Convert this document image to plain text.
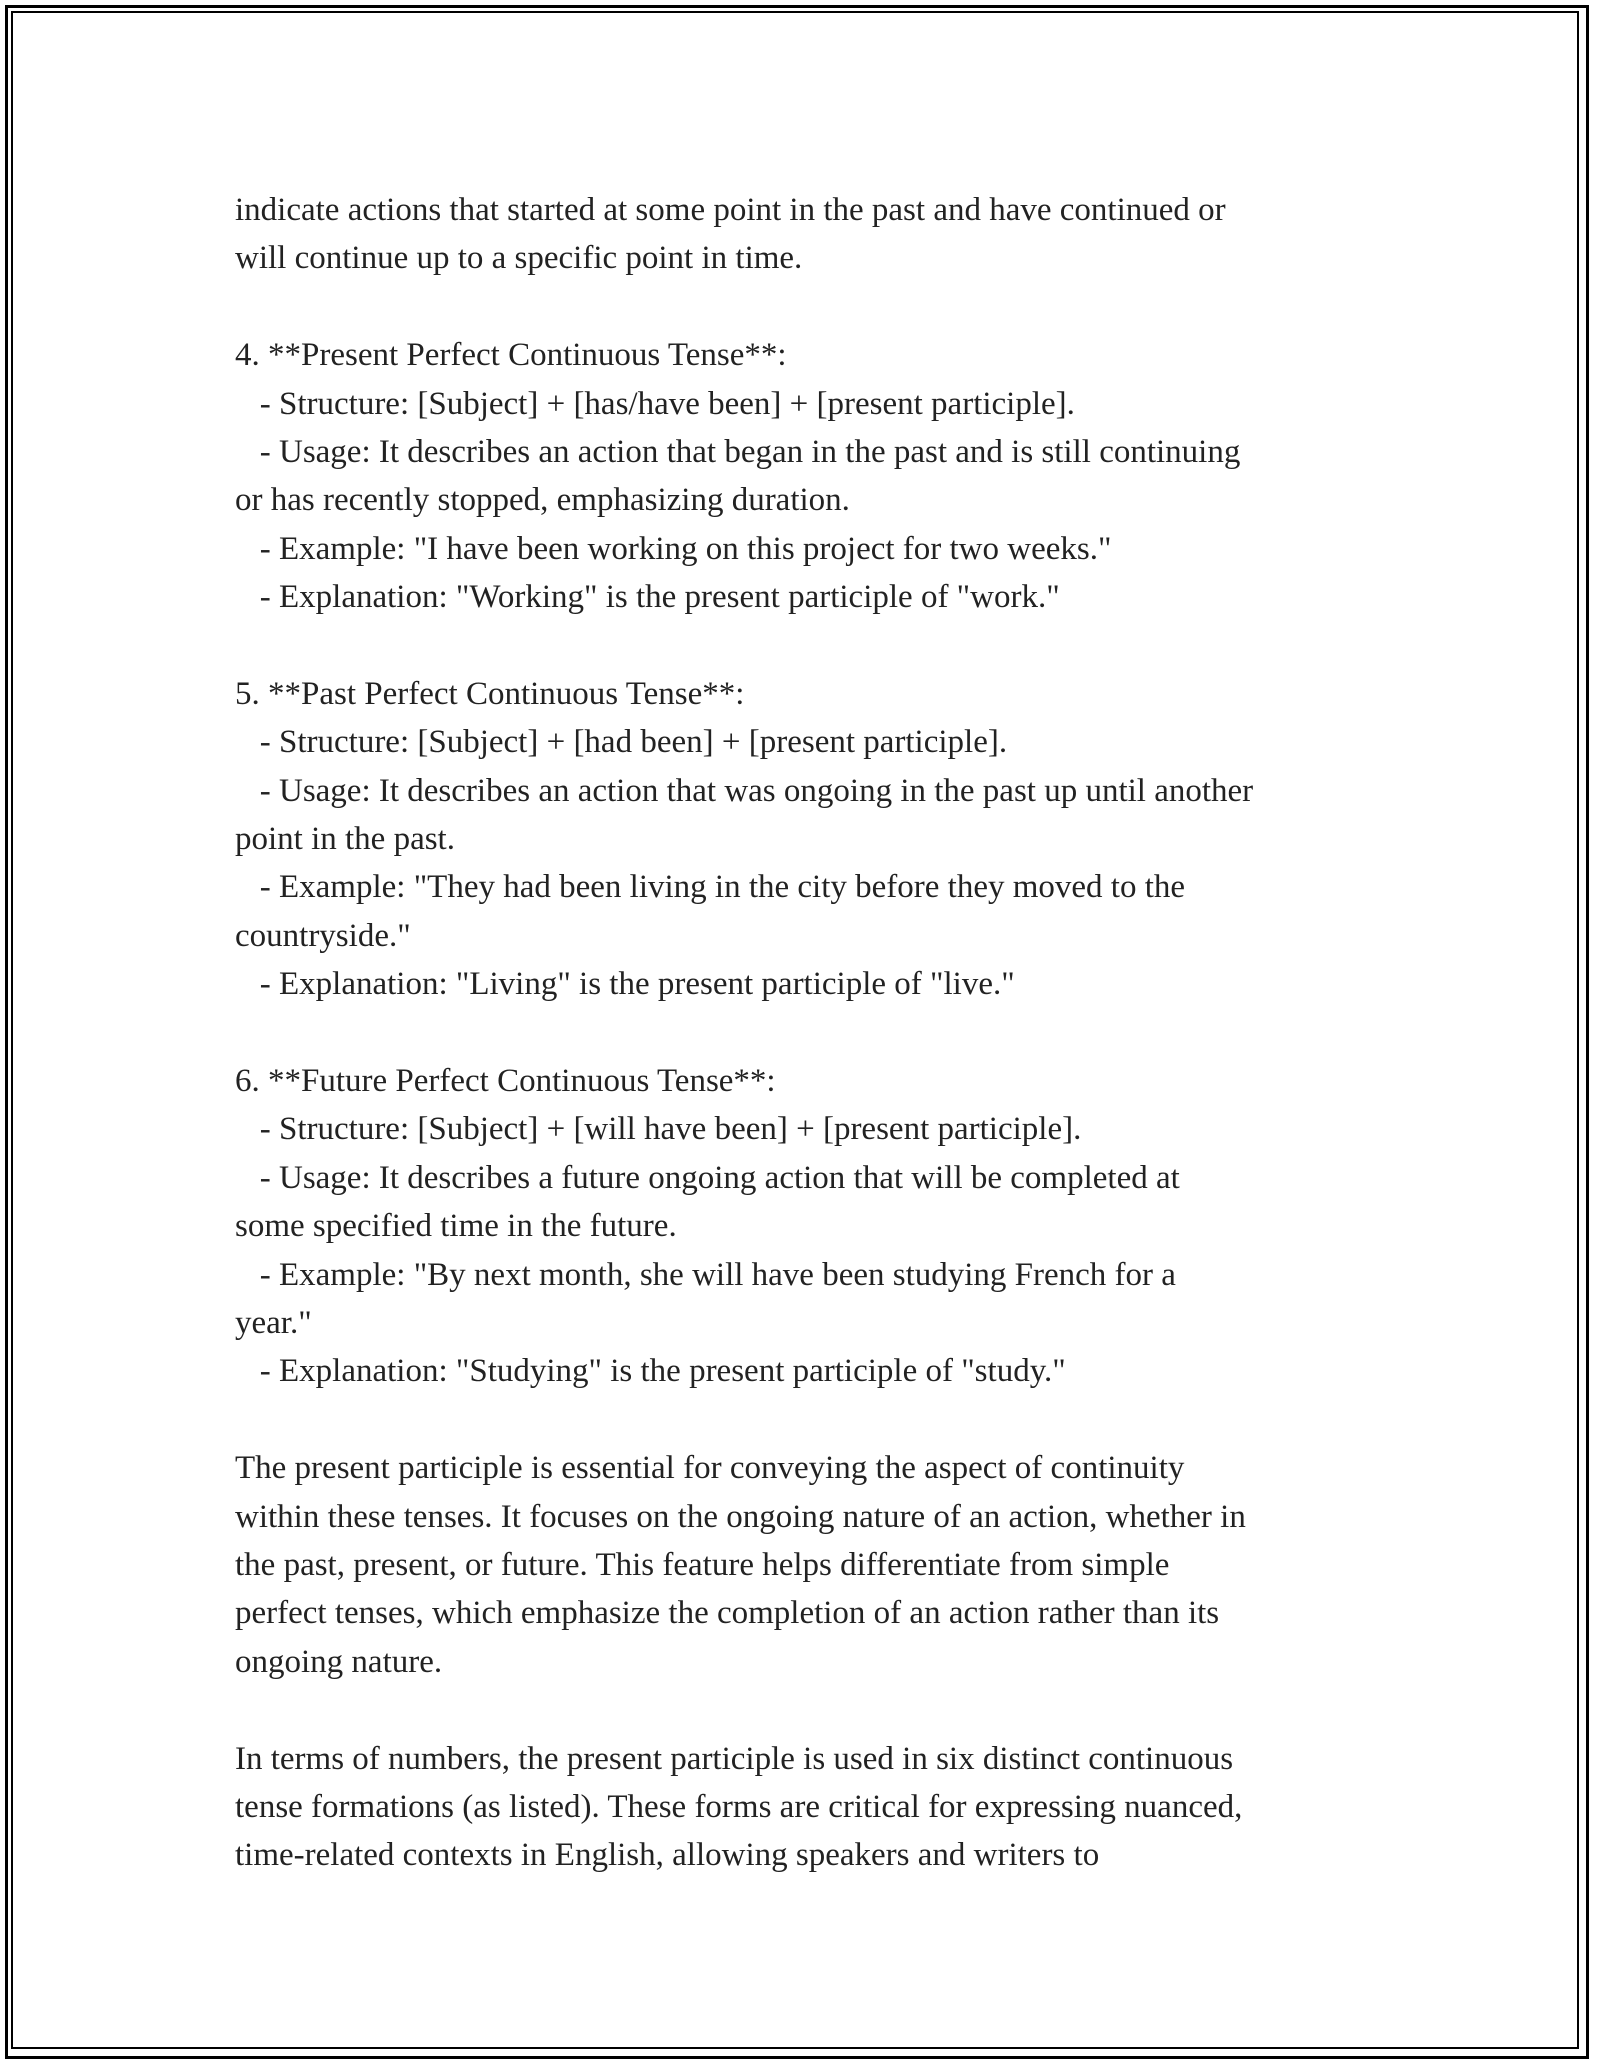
indicate actions that started at some point in the past and have continued or
will continue up to a specific point in time.
4. **Present Perfect Continuous Tense**:
- Structure: [Subject] + [has/have been] + [present participle].
- Usage: It describes an action that began in the past and is still continuing
or has recently stopped, emphasizing duration.
- Example: "I have been working on this project for two weeks."
- Explanation: "Working" is the present participle of "work."
5. **Past Perfect Continuous Tense**:
- Structure: [Subject] + [had been] + [present participle].
- Usage: It describes an action that was ongoing in the past up until another
point in the past.
- Example: "They had been living in the city before they moved to the
countryside."
- Explanation: "Living" is the present participle of "live."
6. **Future Perfect Continuous Tense**:
- Structure: [Subject] + [will have been] + [present participle].
- Usage: It describes a future ongoing action that will be completed at
some specified time in the future.
- Example: "By next month, she will have been studying French for a
year."
- Explanation: "Studying" is the present participle of "study."
The present participle is essential for conveying the aspect of continuity
within these tenses. It focuses on the ongoing nature of an action, whether in
the past, present, or future. This feature helps differentiate from simple
perfect tenses, which emphasize the completion of an action rather than its
ongoing nature.
In terms of numbers, the present participle is used in six distinct continuous
tense formations (as listed). These forms are critical for expressing nuanced,
time-related contexts in English, allowing speakers and writers to
